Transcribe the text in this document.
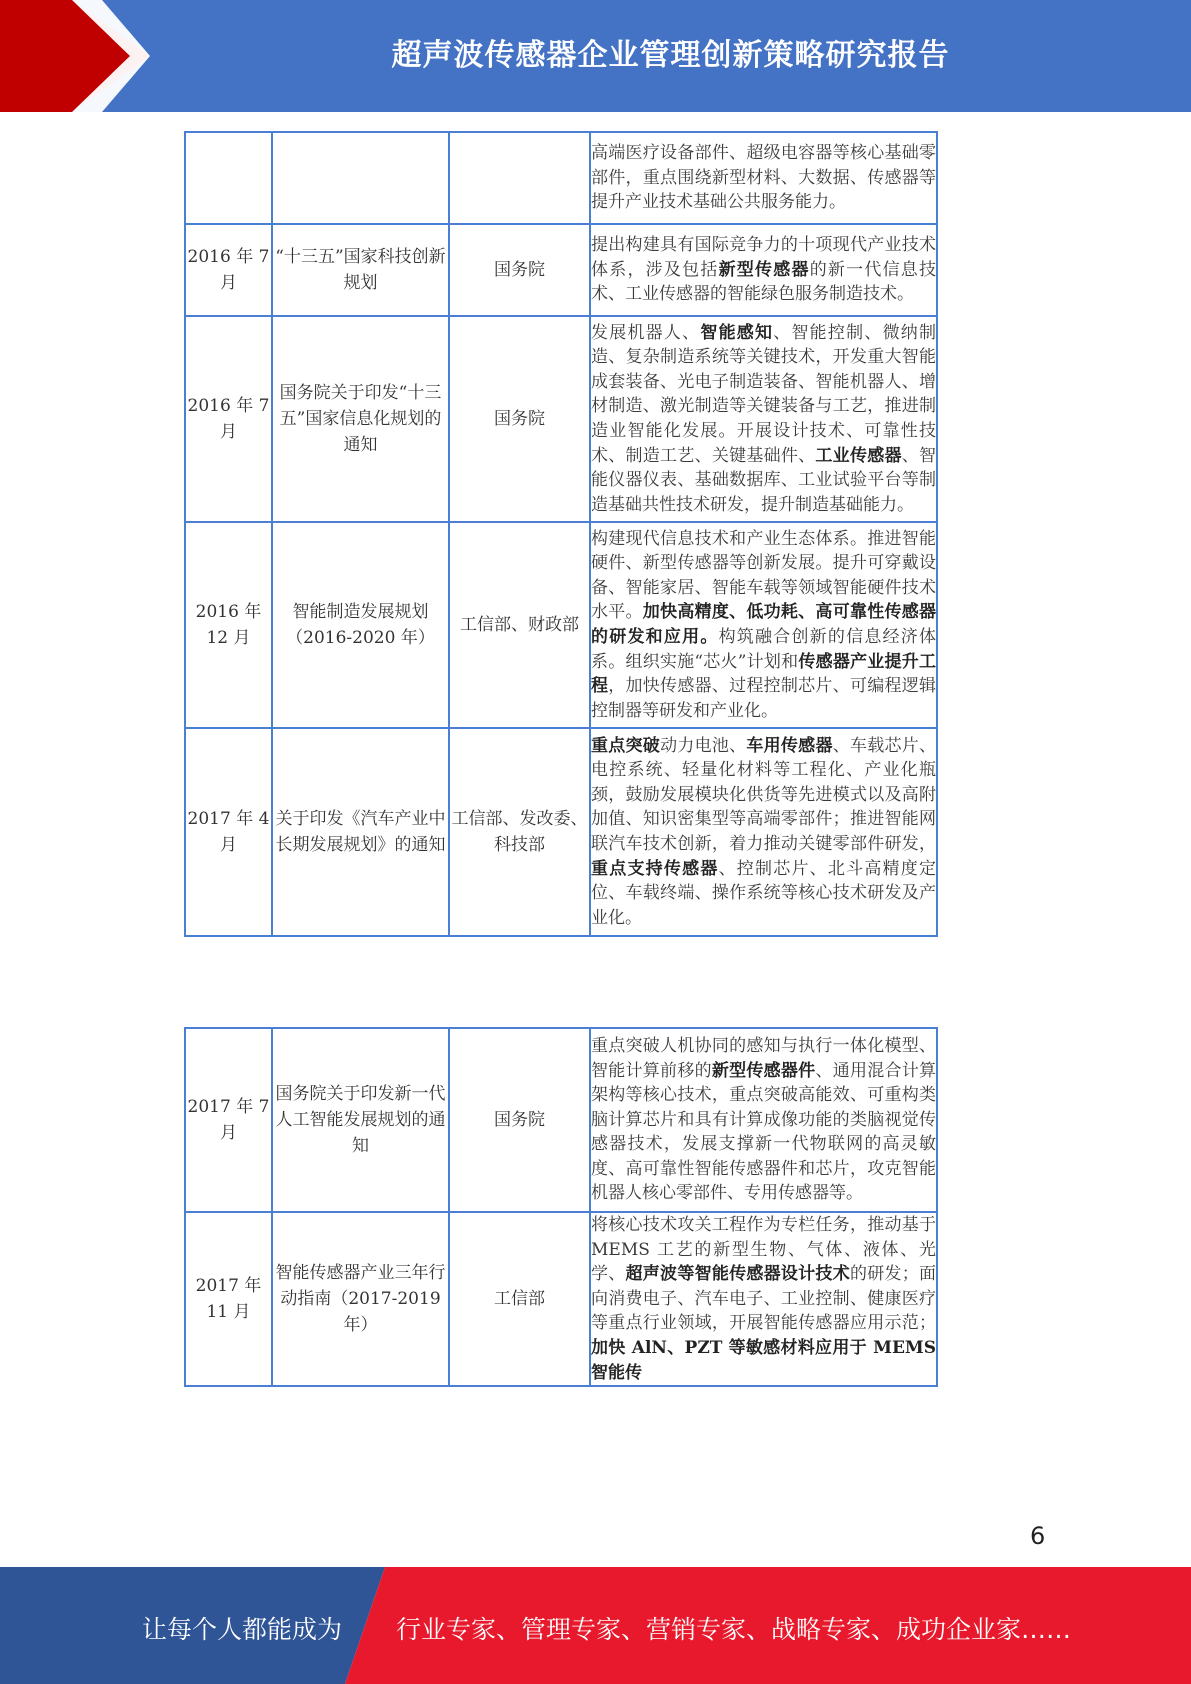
超声波传感器企业管理创新策略研究报告
			高端医疗设备部件、超级电容器等核心基础零部件，重点围绕新型材料、大数据、传感器等提升产业技术基础公共服务能力。
2016 年 7 月	“十三五”国家科技创新规划	国务院	提出构建具有国际竞争力的十项现代产业技术体系，涉及包括新型传感器的新一代信息技术、工业传感器的智能绿色服务制造技术。
2016 年 7 月	国务院关于印发“十三五”国家信息化规划的通知	国务院	发展机器人、智能感知、智能控制、微纳制造、复杂制造系统等关键技术，开发重大智能成套装备、光电子制造装备、智能机器人、增材制造、激光制造等关键装备与工艺，推进制造业智能化发展。开展设计技术、可靠性技术、制造工艺、关键基础件、工业传感器、智能仪器仪表、基础数据库、工业试验平台等制造基础共性技术研发，提升制造基础能力。
2016 年 12 月	智能制造发展规划（2016-2020 年）	工信部、财政部	构建现代信息技术和产业生态体系。推进智能硬件、新型传感器等创新发展。提升可穿戴设备、智能家居、智能车载等领域智能硬件技术水平。加快高精度、低功耗、高可靠性传感器的研发和应用。构筑融合创新的信息经济体系。组织实施“芯火”计划和传感器产业提升工程，加快传感器、过程控制芯片、可编程逻辑控制器等研发和产业化。
2017 年 4 月	关于印发《汽车产业中长期发展规划》的通知	工信部、发改委、科技部	重点突破动力电池、车用传感器、车载芯片、电控系统、轻量化材料等工程化、产业化瓶颈，鼓励发展模块化供货等先进模式以及高附加值、知识密集型等高端零部件；推进智能网联汽车技术创新，着力推动关键零部件研发，重点支持传感器、控制芯片、北斗高精度定位、车载终端、操作系统等核心技术研发及产业化。
2017 年 7 月	国务院关于印发新一代人工智能发展规划的通知	国务院	重点突破人机协同的感知与执行一体化模型、智能计算前移的新型传感器件、通用混合计算架构等核心技术，重点突破高能效、可重构类脑计算芯片和具有计算成像功能的类脑视觉传感器技术，发展支撑新一代物联网的高灵敏度、高可靠性智能传感器件和芯片，攻克智能机器人核心零部件、专用传感器等。
2017 年 11 月	智能传感器产业三年行动指南（2017-2019 年）	工信部	将核心技术攻关工程作为专栏任务，推动基于 MEMS 工艺的新型生物、气体、液体、光学、超声波等智能传感器设计技术的研发；面向消费电子、汽车电子、工业控制、健康医疗等重点行业领域，开展智能传感器应用示范；加快 AlN、PZT 等敏感材料应用于 MEMS 智能传
6
让每个人都能成为 行业专家、管理专家、营销专家、战略专家、成功企业家……
